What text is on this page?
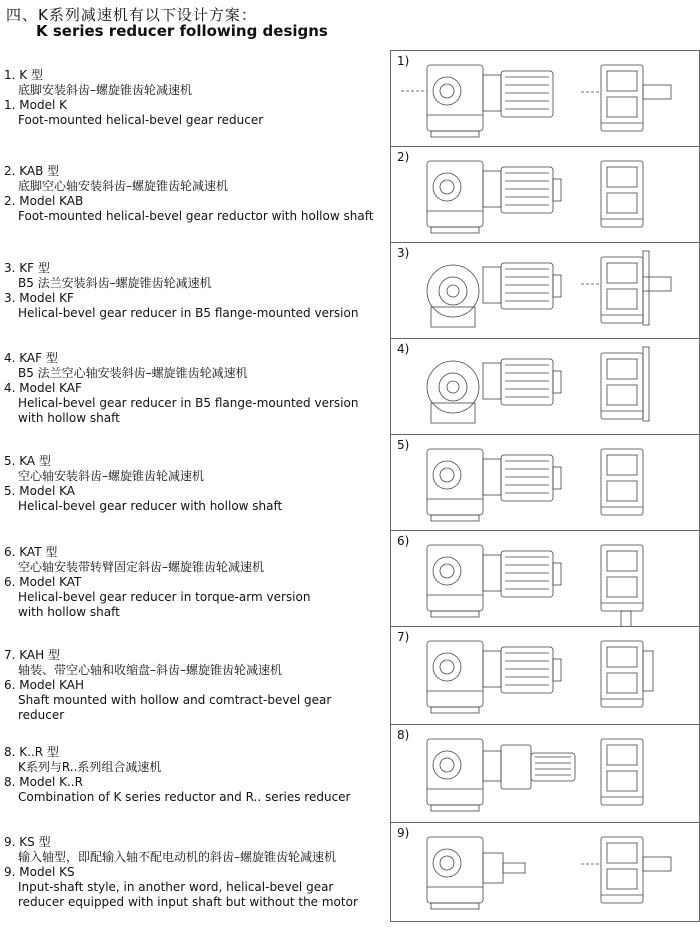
四、K系列减速机有以下设计方案：
K series reducer following designs
1. K 型
底脚安装斜齿–螺旋锥齿轮减速机
1. Model K
Foot-mounted helical-bevel gear reducer
2. KAB 型
底脚空心轴安装斜齿–螺旋锥齿轮减速机
2. Model KAB
Foot-mounted helical-bevel gear reductor with hollow shaft
3. KF 型
B5 法兰安装斜齿–螺旋锥齿轮减速机
3. Model KF
Helical-bevel gear reducer in B5 flange-mounted version
4. KAF 型
B5 法兰空心轴安装斜齿–螺旋锥齿轮减速机
4. Model KAF
Helical-bevel gear reducer in B5 flange-mounted version with hollow shaft
5. KA 型
空心轴安装斜齿–螺旋锥齿轮减速机
5. Model KA
Helical-bevel gear reducer with hollow shaft
6. KAT 型
空心轴安装带转臂固定斜齿–螺旋锥齿轮减速机
6. Model KAT
Helical-bevel gear reducer in torque-arm version with hollow shaft
7. KAH 型
轴装、带空心轴和收缩盘–斜齿–螺旋锥齿轮减速机
6. Model KAH
Shaft mounted with hollow and comtract-bevel gear reducer
8. K..R 型
K系列与R..系列组合减速机
8. Model K..R
Combination of K series reductor and R.. series reducer
9. KS 型
输入轴型，即配输入轴不配电动机的斜齿–螺旋锥齿轮减速机
9. Model KS
Input-shaft style, in another word, helical-bevel gear reducer equipped with input shaft but without the motor
1)
2)
3)
4)
5)
6)
7)
8)
9)
